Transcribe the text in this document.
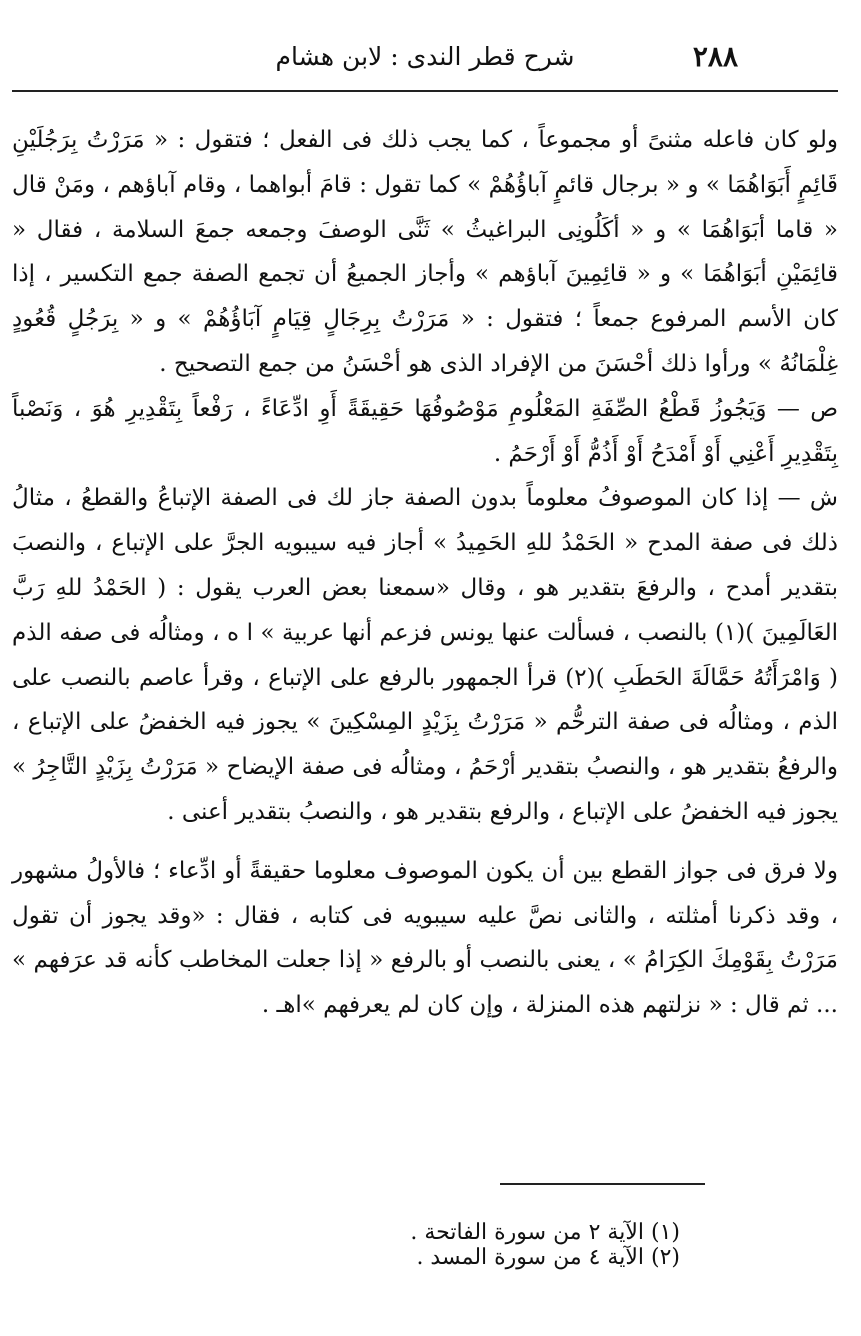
٢٨٨
شرح قطر الندى : لابن هشام

ولو كان فاعله مثنىً أو مجموعاً ، كما يجب ذلك فى الفعل ؛ فتقول : « مَرَرْتُ بِرَجُلَيْنِ قَائِمٍ أَبَوَاهُمَا » و « برجال قائمٍ آباؤُهُمْ » كما تقول : قامَ أبواهما ، وقام آباؤهم ، ومَنْ قال « قاما أبَوَاهُمَا » و « أكَلُونِى البراغيثُ » ثَنَّى الوصفَ وجمعه جمعَ السلامة ، فقال « قائِمَيْنِ أبَوَاهُمَا » و « قائِمِينَ آباؤهم » وأجاز الجميعُ أن تجمع الصفة جمع التكسير ، إذا كان الأسم المرفوع جمعاً ؛ فتقول : « مَرَرْتُ بِرِجَالٍ قِيَامٍ آبَاؤُهُمْ » و « بِرَجُلٍ قُعُودٍ غِلْمَانُهُ » ورأوا ذلك أحْسَنَ من الإفراد الذى هو أحْسَنُ من جمع التصحيح .

ص — وَيَجُوزُ قَطْعُ الصِّفَةِ المَعْلُومِ مَوْصُوفُهَا حَقِيقَةً أَوِ ادِّعَاءً ، رَفْعاً بِتَقْدِيرِ هُوَ ، وَنَصْباً بِتَقْدِيرِ أَعْنِي أَوْ أَمْدَحُ أَوْ أَذُمُّ أَوْ أَرْحَمُ .

ش — إذا كان الموصوفُ معلوماً بدون الصفة جاز لك فى الصفة الإتباعُ والقطعُ ، مثالُ ذلك فى صفة المدح « الحَمْدُ للهِ الحَمِيدُ » أجاز فيه سيبويه الجرَّ على الإتباع ، والنصبَ بتقدير أمدح ، والرفعَ بتقدير هو ، وقال «سمعنا بعض العرب يقول : ( الحَمْدُ للهِ رَبَّ العَالَمِينَ )(١) بالنصب ، فسألت عنها يونس فزعم أنها عربية » ا ه ، ومثالُه فى صفه الذم ( وَامْرَأَتُهُ حَمَّالَةَ الحَطَبِ )(٢) قرأ الجمهور بالرفع على الإتباع ، وقرأ عاصم بالنصب على الذم ، ومثالُه فى صفة الترحُّم « مَرَرْتُ بِزَيْدٍ المِسْكِينَ » يجوز فيه الخفضُ على الإتباع ، والرفعُ بتقدير هو ، والنصبُ بتقدير أرْحَمُ ، ومثالُه فى صفة الإيضاح « مَرَرْتُ بِزَيْدٍ التَّاجِرُ » يجوز فيه الخفضُ على الإتباع ، والرفع بتقدير هو ، والنصبُ بتقدير أعنى .

ولا فرق فى جواز القطع بين أن يكون الموصوف معلوما حقيقةً أو ادِّعاء ؛ فالأولُ مشهور ، وقد ذكرنا أمثلته ، والثانى نصَّ عليه سيبويه فى كتابه ، فقال : «وقد يجوز أن تقول مَرَرْتُ بِقَوْمِكَ الكِرَامُ » ، يعنى بالنصب أو بالرفع « إذا جعلت المخاطب كأنه قد عرَفهم » ... ثم قال : « نزلتهم هذه المنزلة ، وإن كان لم يعرفهم »اهـ .

(١) الآية ٢ من سورة الفاتحة . (٢) الآية ٤ من سورة المسد .
